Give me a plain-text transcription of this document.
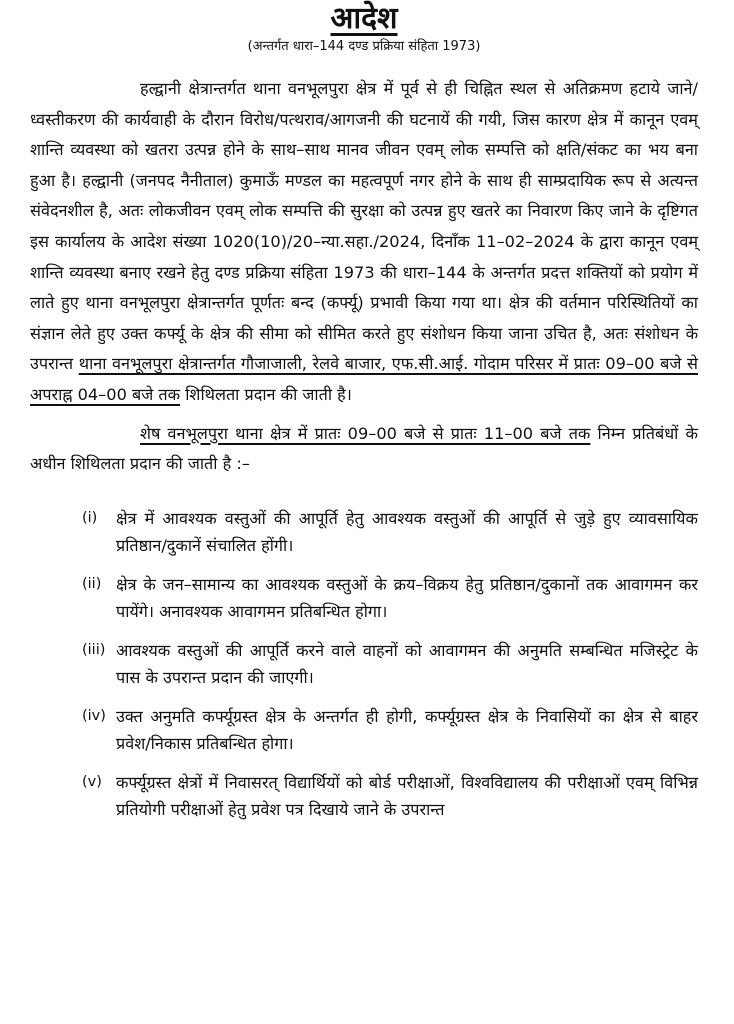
आदेश

(अन्तर्गत धारा–144 दण्ड प्रक्रिया संहिता 1973)

हल्द्वानी क्षेत्रान्तर्गत थाना वनभूलपुरा क्षेत्र में पूर्व से ही चिह्नित स्थल से अतिक्रमण हटाये जाने/ध्वस्तीकरण की कार्यवाही के दौरान विरोध/पत्थराव/आगजनी की घटनायें की गयी, जिस कारण क्षेत्र में कानून एवम् शान्ति व्यवस्था को खतरा उत्पन्न होने के साथ–साथ मानव जीवन एवम् लोक सम्पत्ति को क्षति/संकट का भय बना हुआ है। हल्द्वानी (जनपद नैनीताल) कुमाऊँ मण्डल का महत्वपूर्ण नगर होने के साथ ही साम्प्रदायिक रूप से अत्यन्त संवेदनशील है, अतः लोकजीवन एवम् लोक सम्पत्ति की सुरक्षा को उत्पन्न हुए खतरे का निवारण किए जाने के दृष्टिगत इस कार्यालय के आदेश संख्या 1020(10)/20–न्या.सहा./2024, दिनाँक 11–02–2024 के द्वारा कानून एवम् शान्ति व्यवस्था बनाए रखने हेतु दण्ड प्रक्रिया संहिता 1973 की धारा–144 के अन्तर्गत प्रदत्त शक्तियों को प्रयोग में लाते हुए थाना वनभूलपुरा क्षेत्रान्तर्गत पूर्णतः बन्द (कर्फ्यू) प्रभावी किया गया था। क्षेत्र की वर्तमान परिस्थितियों का संज्ञान लेते हुए उक्त कर्फ्यू के क्षेत्र की सीमा को सीमित करते हुए संशोधन किया जाना उचित है, अतः संशोधन के उपरान्त थाना वनभूलपुरा क्षेत्रान्तर्गत गौजाजाली, रेलवे बाजार, एफ.सी.आई. गोदाम परिसर में प्रातः 09–00 बजे से अपराह्न 04–00 बजे तक शिथिलता प्रदान की जाती है।

शेष वनभूलपुरा थाना क्षेत्र में प्रातः 09–00 बजे से प्रातः 11–00 बजे तक निम्न प्रतिबंधों के अधीन शिथिलता प्रदान की जाती है :–

(i)	क्षेत्र में आवश्यक वस्तुओं की आपूर्ति हेतु आवश्यक वस्तुओं की आपूर्ति से जुड़े हुए व्यावसायिक प्रतिष्ठान/दुकानें संचालित होंगी।
(ii) क्षेत्र के जन–सामान्य का आवश्यक वस्तुओं के क्रय–विक्रय हेतु प्रतिष्ठान/दुकानों तक आवागमन कर पायेंगे। अनावश्यक आवागमन प्रतिबन्धित होगा।
(iii) आवश्यक वस्तुओं की आपूर्ति करने वाले वाहनों को आवागमन की अनुमति सम्बन्धित मजिस्ट्रेट के पास के उपरान्त प्रदान की जाएगी।
(iv) उक्त अनुमति कर्फ्यूग्रस्त क्षेत्र के अन्तर्गत ही होगी, कर्फ्यूग्रस्त क्षेत्र के निवासियों का क्षेत्र से बाहर प्रवेश/निकास प्रतिबन्धित होगा।
(v) कर्फ्यूग्रस्त क्षेत्रों में निवासरत् विद्यार्थियों को बोर्ड परीक्षाओं, विश्वविद्यालय की परीक्षाओं एवम् विभिन्न प्रतियोगी परीक्षाओं हेतु प्रवेश पत्र दिखाये जाने के उपरान्त
